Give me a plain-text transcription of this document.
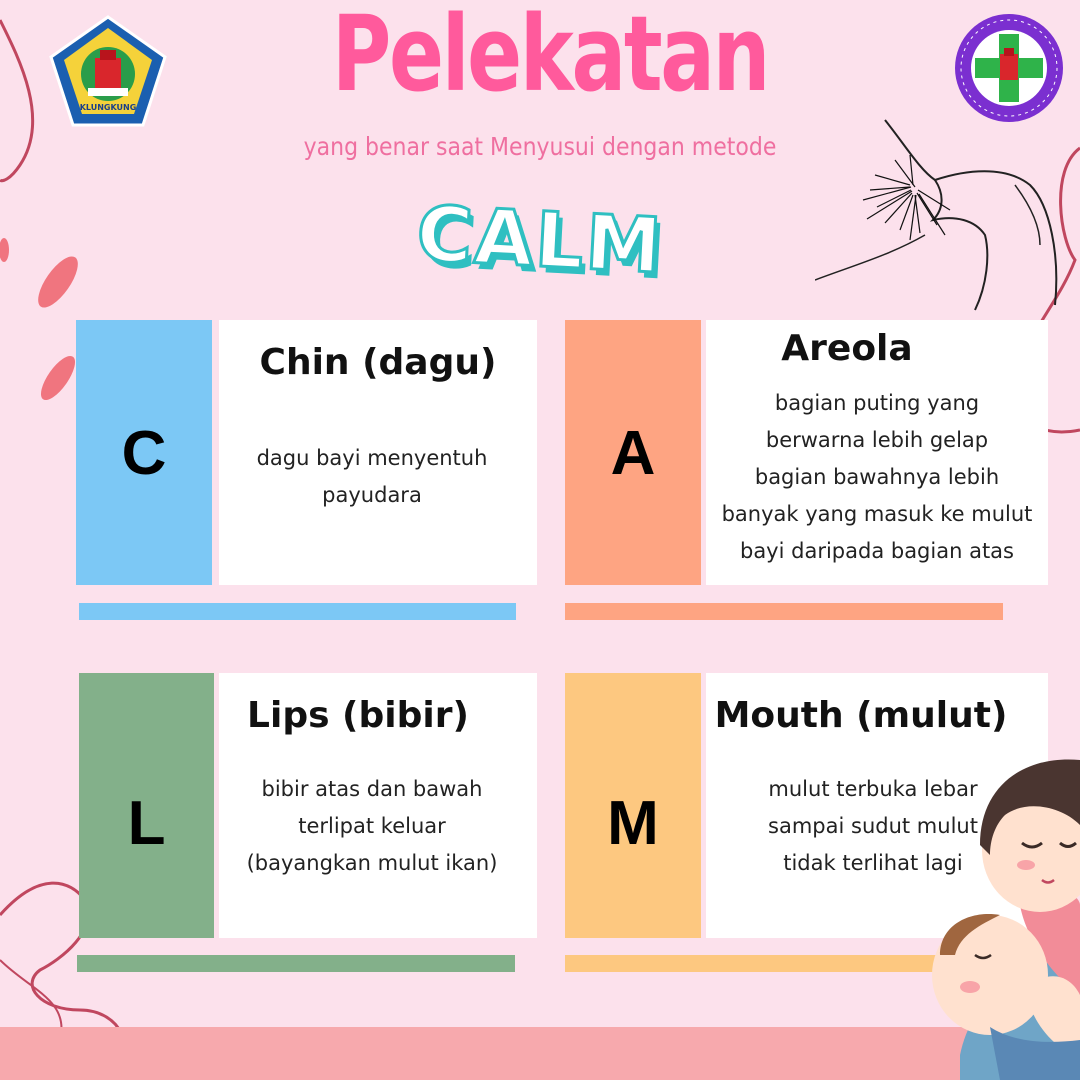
KLUNGKUNG Pelekatan
yang benar saat Menyusui dengan metode
CALM
C
Chin (dagu)
dagu bayi menyentuh
payudara
A
Areola
bagian puting yang
berwarna lebih gelap
bagian bawahnya lebih
banyak yang masuk ke mulut
bayi daripada bagian atas
L
Lips (bibir)
bibir atas dan bawah
terlipat keluar
(bayangkan mulut ikan)
M
Mouth (mulut)
mulut terbuka lebar
sampai sudut mulut
tidak terlihat lagi
